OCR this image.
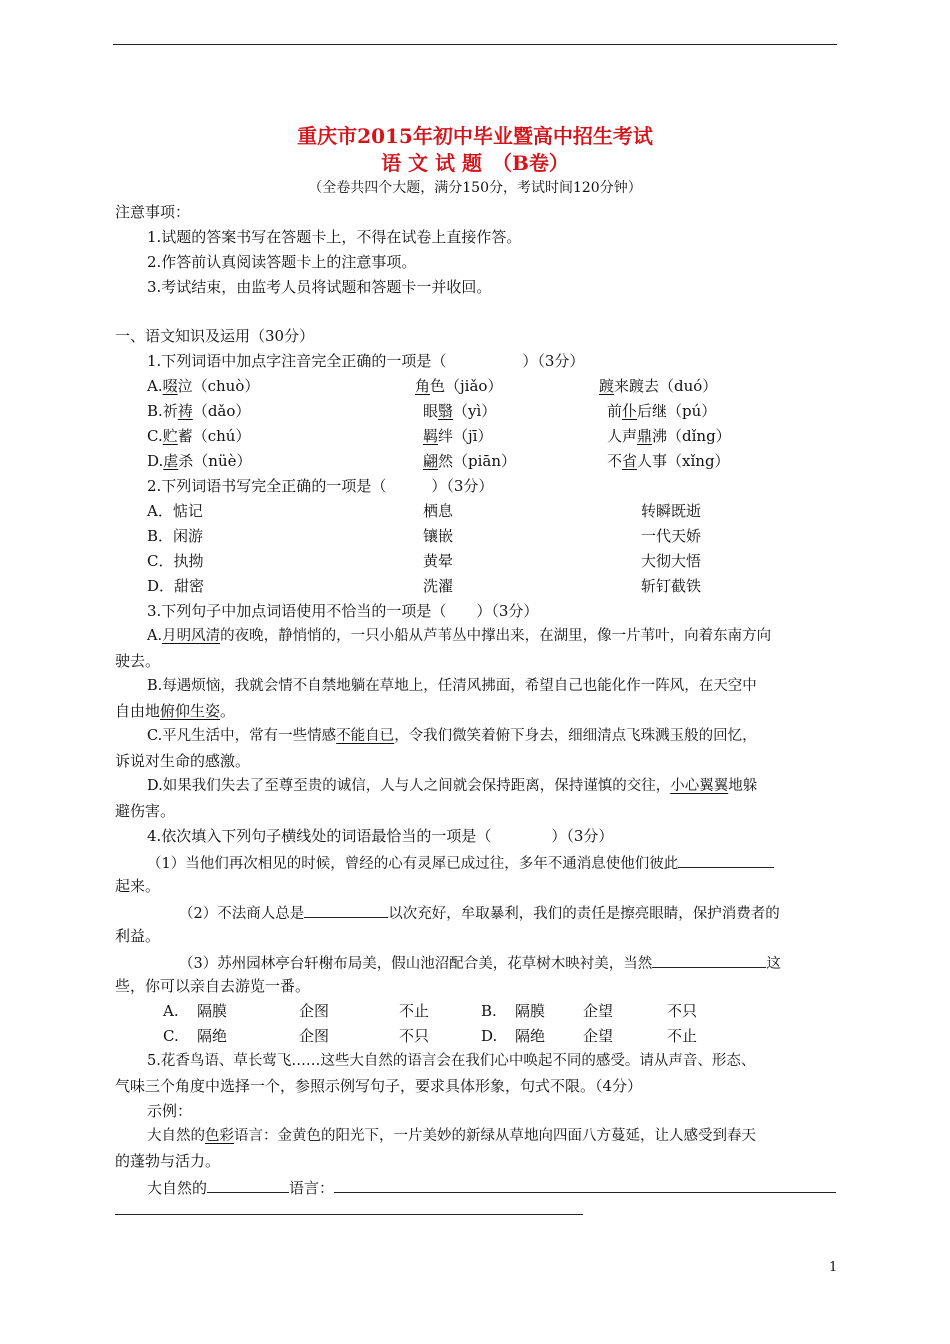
重庆市2015年初中毕业暨高中招生考试
语 文 试 题　（B卷）
（全卷共四个大题，满分150分，考试时间120分钟）
注意事项：
1.试题的答案书写在答题卡上，不得在试卷上直接作答。
2.作答前认真阅读答题卡上的注意事项。
3.考试结束，由监考人员将试题和答题卡一并收回。
一、语文知识及运用（30分）
1.下列词语中加点字注音完全正确的一项是（	）（3分）
A.啜泣（chuò）	角色（jiǎo）	踱来踱去（duó）
B.祈祷（dǎo）	眼翳（yì）	前仆后继（pú）
C.贮蓄（chú）	羁绊（jī）	人声鼎沸（dǐng）
D.虐杀（nüè）	翩然（piān）	不省人事（xǐng）
2.下列词语书写完全正确的一项是（　　　）（3分）
A．惦记	栖息	转瞬既逝
B．闲游	镶嵌	一代天娇
C．执拗	黄晕	大彻大悟
D．甜密	洗濯	斩钉截铁
3.下列句子中加点词语使用不恰当的一项是（　　）（3分）
A.月明风清的夜晚，静悄悄的，一只小船从芦苇丛中撑出来，在湖里，像一片苇叶，向着东南方向
驶去。
B.每遇烦恼，我就会情不自禁地躺在草地上，任清风拂面，希望自己也能化作一阵风，在天空中
自由地俯仰生姿。
C.平凡生活中，常有一些情感不能自已，令我们微笑着俯下身去，细细清点飞珠溅玉般的回忆，
诉说对生命的感激。
D.如果我们失去了至尊至贵的诚信，人与人之间就会保持距离，保持谨慎的交往，小心翼翼地躲
避伤害。
4.依次填入下列句子横线处的词语最恰当的一项是（	）（3分）
（1）当他们再次相见的时候，曾经的心有灵犀已成过往，多年不通消息使他们彼此
起来。
（2）不法商人总是	以次充好，牟取暴利，我们的责任是擦亮眼睛，保护消费者的
利益。
（3）苏州园林亭台轩榭布局美，假山池沼配合美，花草树木映衬美，当然	这
些，你可以亲自去游览一番。
A. 隔膜	企图	不止	B. 隔膜	企望	不只
C. 隔绝	企图	不只	D. 隔绝	企望	不止
5.花香鸟语、草长莺飞……这些大自然的语言会在我们心中唤起不同的感受。请从声音、形态、
气味三个角度中选择一个，参照示例写句子，要求具体形象，句式不限。（4分）
示例：
大自然的色彩语言：金黄色的阳光下，一片美妙的新绿从草地向四面八方蔓延，让人感受到春天
的蓬勃与活力。
大自然的	语言：
1
